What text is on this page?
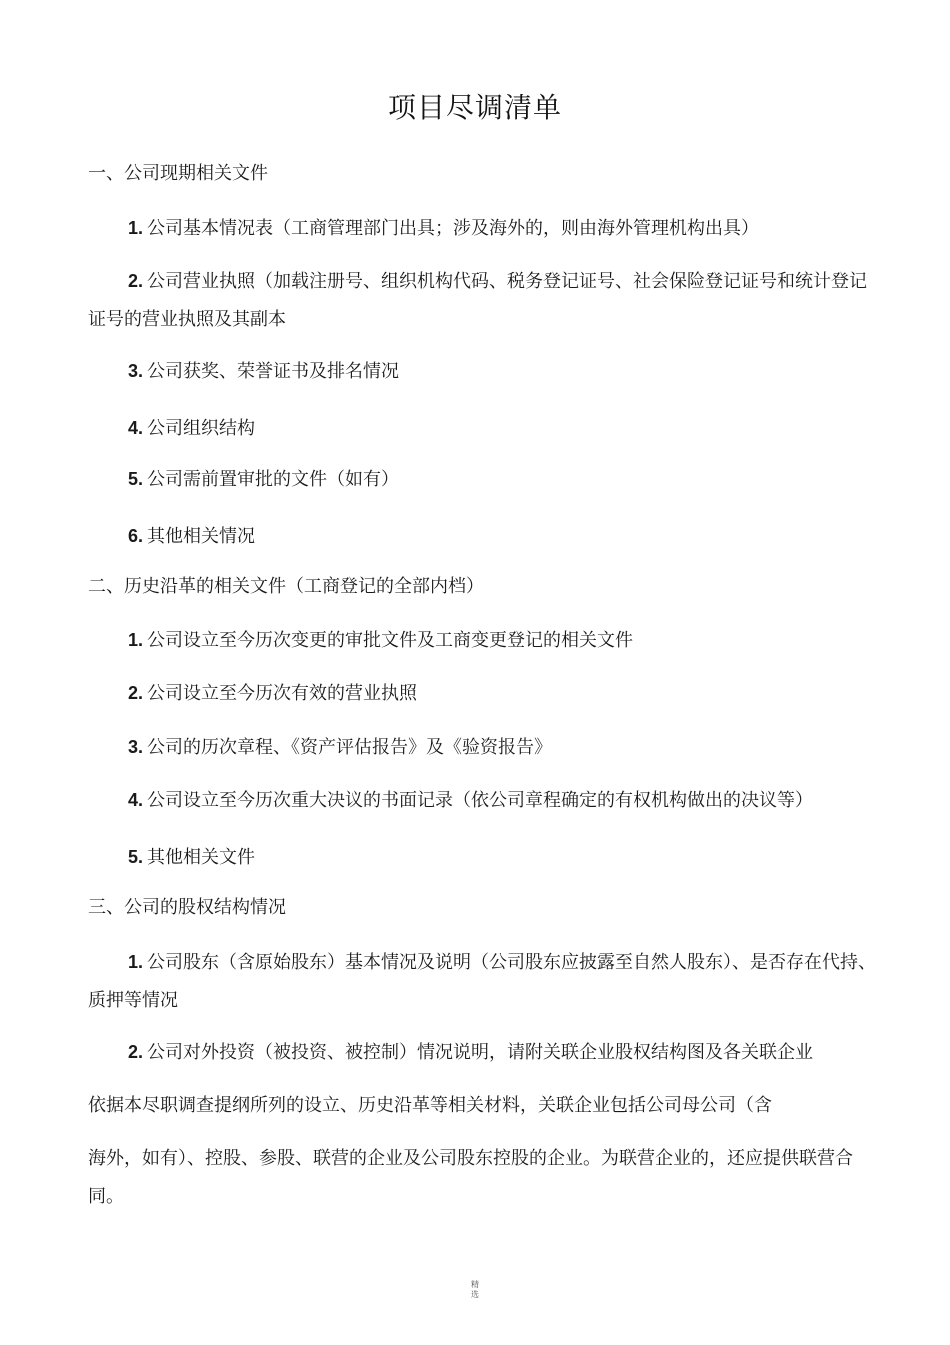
项目尽调清单
一、公司现期相关文件
1. 公司基本情况表（工商管理部门出具；涉及海外的，则由海外管理机构出具）
2. 公司营业执照（加载注册号、组织机构代码、税务登记证号、社会保险登记证号和统计登记证号的营业执照及其副本
3. 公司获奖、荣誉证书及排名情况
4. 公司组织结构
5. 公司需前置审批的文件（如有）
6. 其他相关情况
二、历史沿革的相关文件（工商登记的全部内档）
1. 公司设立至今历次变更的审批文件及工商变更登记的相关文件
2. 公司设立至今历次有效的营业执照
3. 公司的历次章程、《资产评估报告》及《验资报告》
4. 公司设立至今历次重大决议的书面记录（依公司章程确定的有权机构做出的决议等）
5. 其他相关文件
三、公司的股权结构情况
1. 公司股东（含原始股东）基本情况及说明（公司股东应披露至自然人股东）、是否存在代持、质押等情况
2. 公司对外投资（被投资、被控制）情况说明，请附关联企业股权结构图及各关联企业
依据本尽职调查提纲所列的设立、历史沿革等相关材料，关联企业包括公司母公司（含
海外，如有）、控股、参股、联营的企业及公司股东控股的企业。为联营企业的，还应提供联营合同。
精
选
